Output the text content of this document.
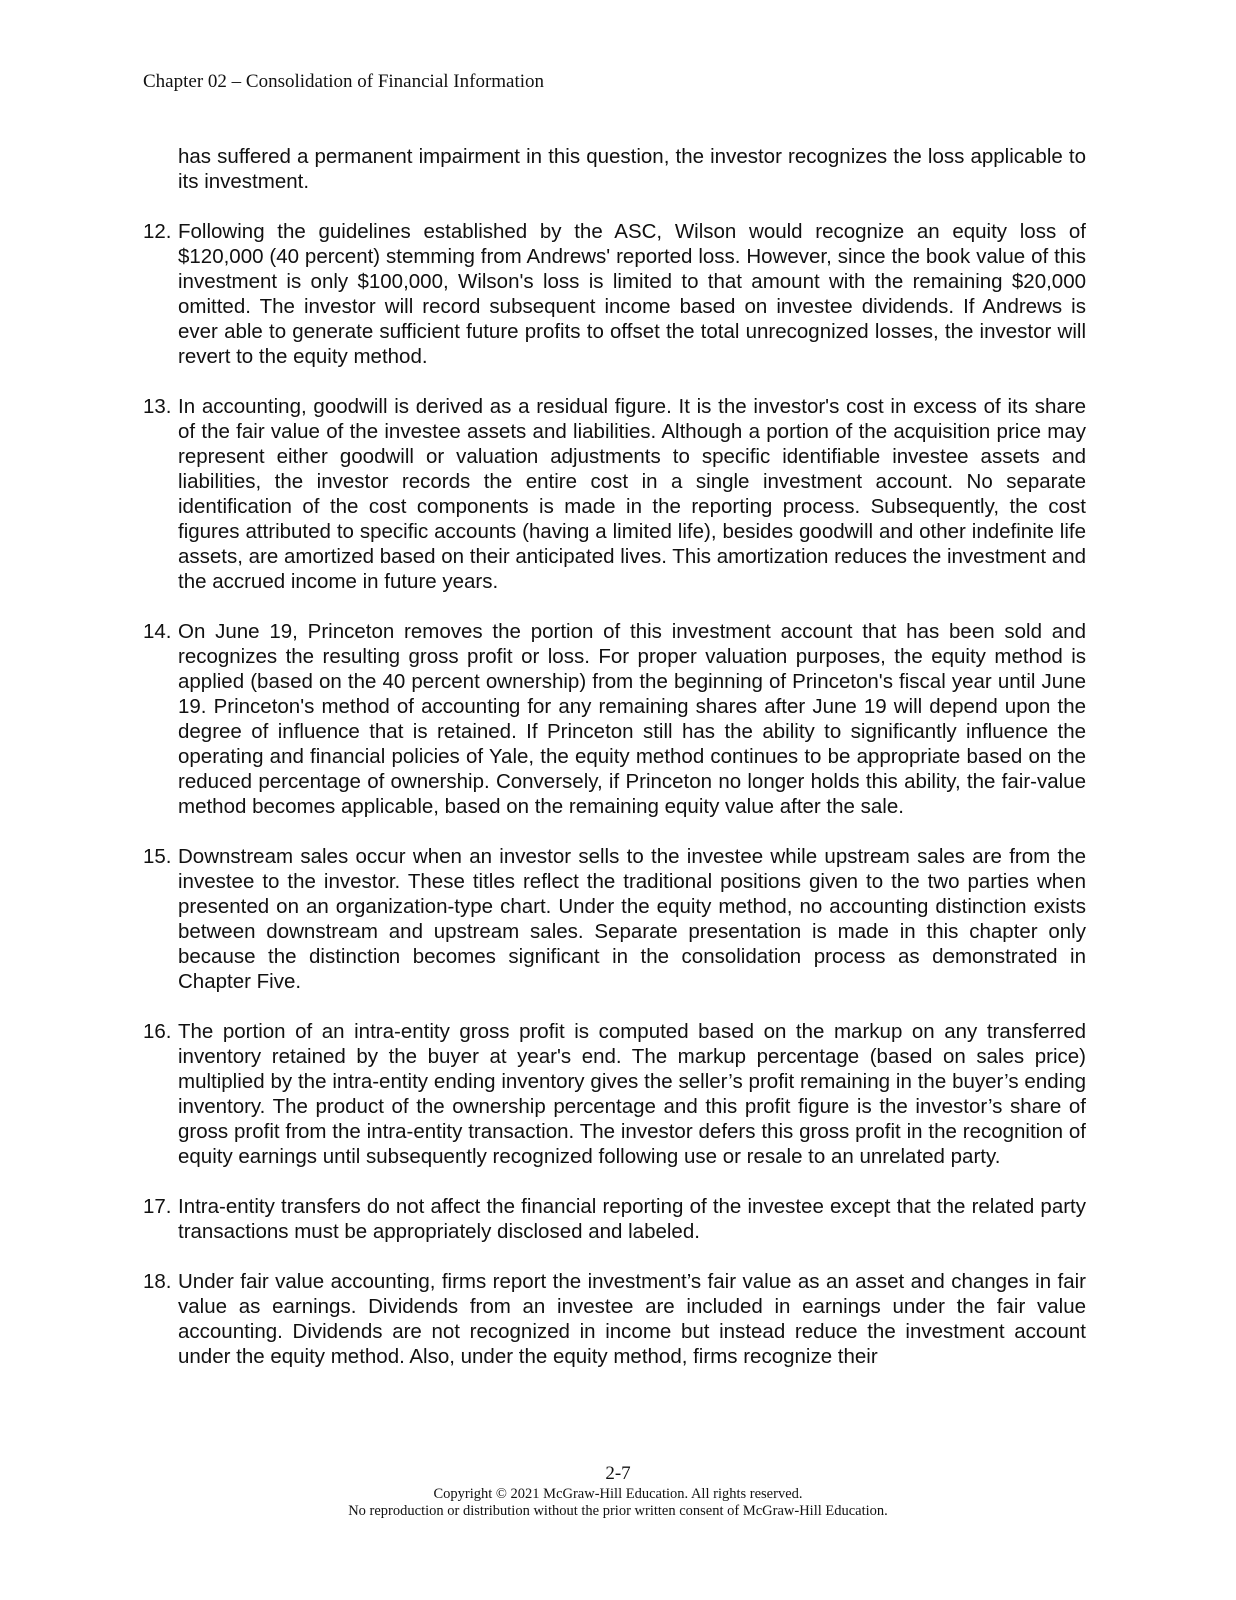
Chapter 02 – Consolidation of Financial Information

has suffered a permanent impairment in this question, the investor recognizes the loss applicable to its investment.

12. Following the guidelines established by the ASC, Wilson would recognize an equity loss of $120,000 (40 percent) stemming from Andrews' reported loss. However, since the book value of this investment is only $100,000, Wilson's loss is limited to that amount with the remaining $20,000 omitted. The investor will record subsequent income based on investee dividends. If Andrews is ever able to generate sufficient future profits to offset the total unrecognized losses, the investor will revert to the equity method.

13. In accounting, goodwill is derived as a residual figure. It is the investor's cost in excess of its share of the fair value of the investee assets and liabilities. Although a portion of the acquisition price may represent either goodwill or valuation adjustments to specific identifiable investee assets and liabilities, the investor records the entire cost in a single investment account. No separate identification of the cost components is made in the reporting process. Subsequently, the cost figures attributed to specific accounts (having a limited life), besides goodwill and other indefinite life assets, are amortized based on their anticipated lives. This amortization reduces the investment and the accrued income in future years.

14. On June 19, Princeton removes the portion of this investment account that has been sold and recognizes the resulting gross profit or loss. For proper valuation purposes, the equity method is applied (based on the 40 percent ownership) from the beginning of Princeton's fiscal year until June 19. Princeton's method of accounting for any remaining shares after June 19 will depend upon the degree of influence that is retained. If Princeton still has the ability to significantly influence the operating and financial policies of Yale, the equity method continues to be appropriate based on the reduced percentage of ownership. Conversely, if Princeton no longer holds this ability, the fair-value method becomes applicable, based on the remaining equity value after the sale.

15. Downstream sales occur when an investor sells to the investee while upstream sales are from the investee to the investor. These titles reflect the traditional positions given to the two parties when presented on an organization-type chart. Under the equity method, no accounting distinction exists between downstream and upstream sales. Separate presentation is made in this chapter only because the distinction becomes significant in the consolidation process as demonstrated in Chapter Five.

16. The portion of an intra-entity gross profit is computed based on the markup on any transferred inventory retained by the buyer at year's end. The markup percentage (based on sales price) multiplied by the intra-entity ending inventory gives the seller’s profit remaining in the buyer’s ending inventory. The product of the ownership percentage and this profit figure is the investor’s share of gross profit from the intra-entity transaction. The investor defers this gross profit in the recognition of equity earnings until subsequently recognized following use or resale to an unrelated party.

17. Intra-entity transfers do not affect the financial reporting of the investee except that the related party transactions must be appropriately disclosed and labeled.

18. Under fair value accounting, firms report the investment’s fair value as an asset and changes in fair value as earnings. Dividends from an investee are included in earnings under the fair value accounting. Dividends are not recognized in income but instead reduce the investment account under the equity method. Also, under the equity method, firms recognize their

2-7
Copyright © 2021 McGraw-Hill Education. All rights reserved.
No reproduction or distribution without the prior written consent of McGraw-Hill Education.
